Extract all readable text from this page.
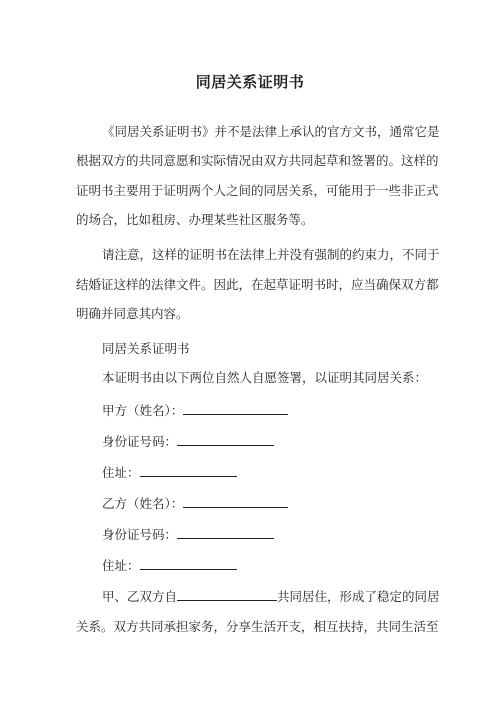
同居关系证明书
《同居关系证明书》并不是法律上承认的官方文书，通常它是
根据双方的共同意愿和实际情况由双方共同起草和签署的。这样的
证明书主要用于证明两个人之间的同居关系，可能用于一些非正式
的场合，比如租房、办理某些社区服务等。
请注意，这样的证明书在法律上并没有强制的约束力，不同于
结婚证这样的法律文件。因此，在起草证明书时，应当确保双方都
明确并同意其内容。
同居关系证明书
本证明书由以下两位自然人自愿签署，以证明其同居关系：
甲方（姓名）：
身份证号码：
住址：
乙方（姓名）：
身份证号码：
住址：
甲、乙双方自	共同居住，形成了稳定的同居
关系。双方共同承担家务，分享生活开支，相互扶持，共同生活至
